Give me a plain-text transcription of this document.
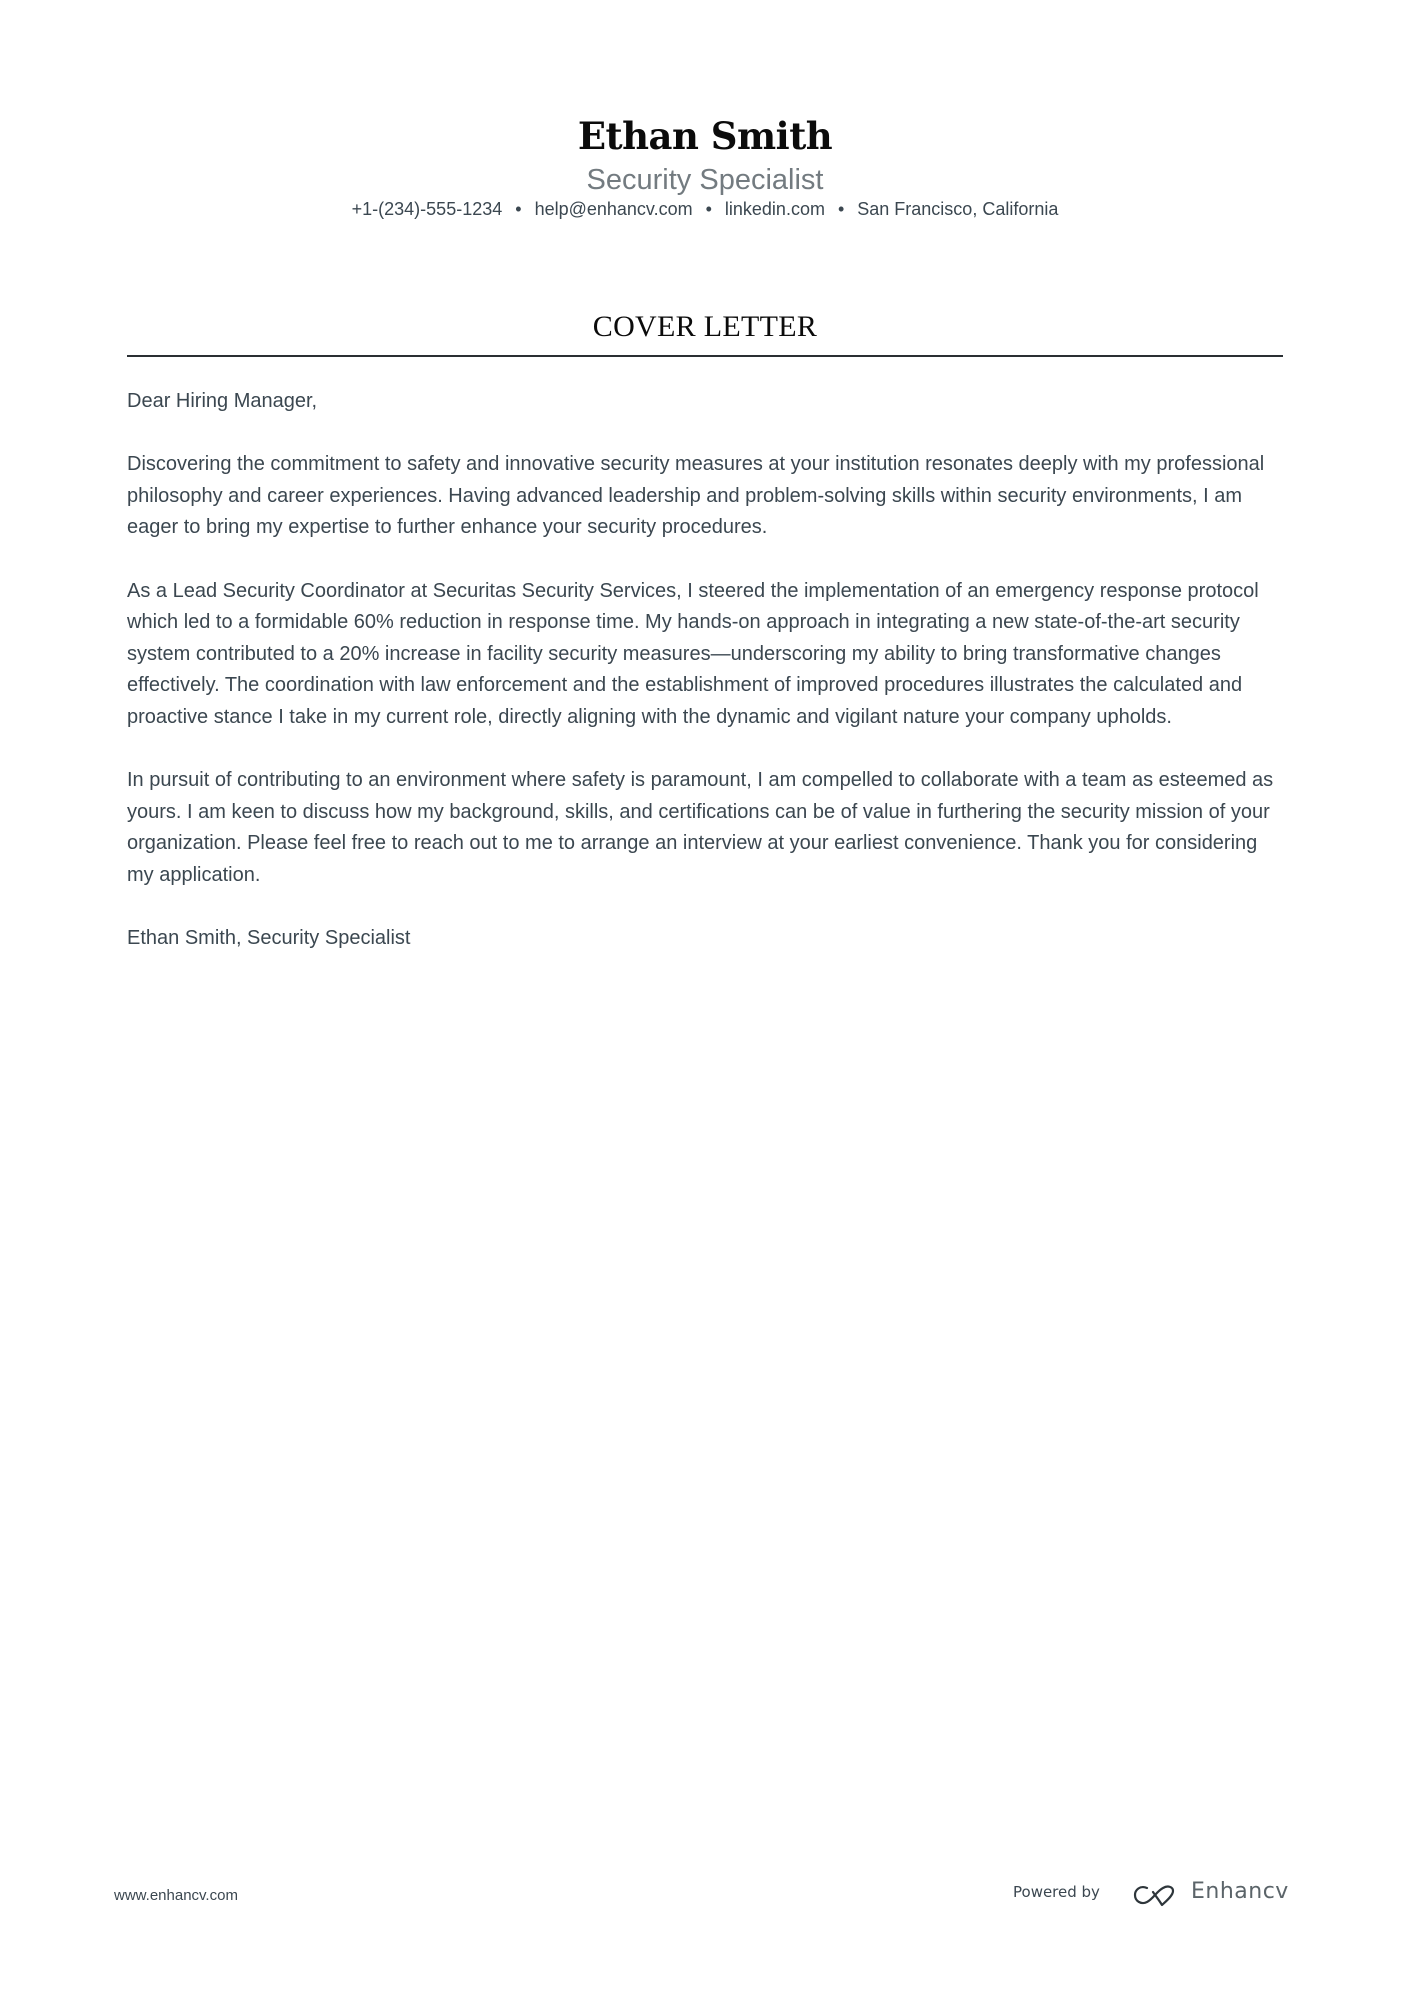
Ethan Smith
Security Specialist
+1-(234)-555-1234 • help@enhancv.com • linkedin.com • San Francisco, California
COVER LETTER

Dear Hiring Manager,

Discovering the commitment to safety and innovative security measures at your institution resonates deeply with my professional philosophy and career experiences. Having advanced leadership and problem-solving skills within security environments, I am eager to bring my expertise to further enhance your security procedures.

As a Lead Security Coordinator at Securitas Security Services, I steered the implementation of an emergency response protocol which led to a formidable 60% reduction in response time. My hands-on approach in integrating a new state-of-the-art security system contributed to a 20% increase in facility security measures—underscoring my ability to bring transformative changes effectively. The coordination with law enforcement and the establishment of improved procedures illustrates the calculated and proactive stance I take in my current role, directly aligning with the dynamic and vigilant nature your company upholds.

In pursuit of contributing to an environment where safety is paramount, I am compelled to collaborate with a team as esteemed as yours. I am keen to discuss how my background, skills, and certifications can be of value in furthering the security mission of your organization. Please feel free to reach out to me to arrange an interview at your earliest convenience. Thank you for considering my application.

Ethan Smith, Security Specialist

www.enhancv.com	Powered by	Enhancv
